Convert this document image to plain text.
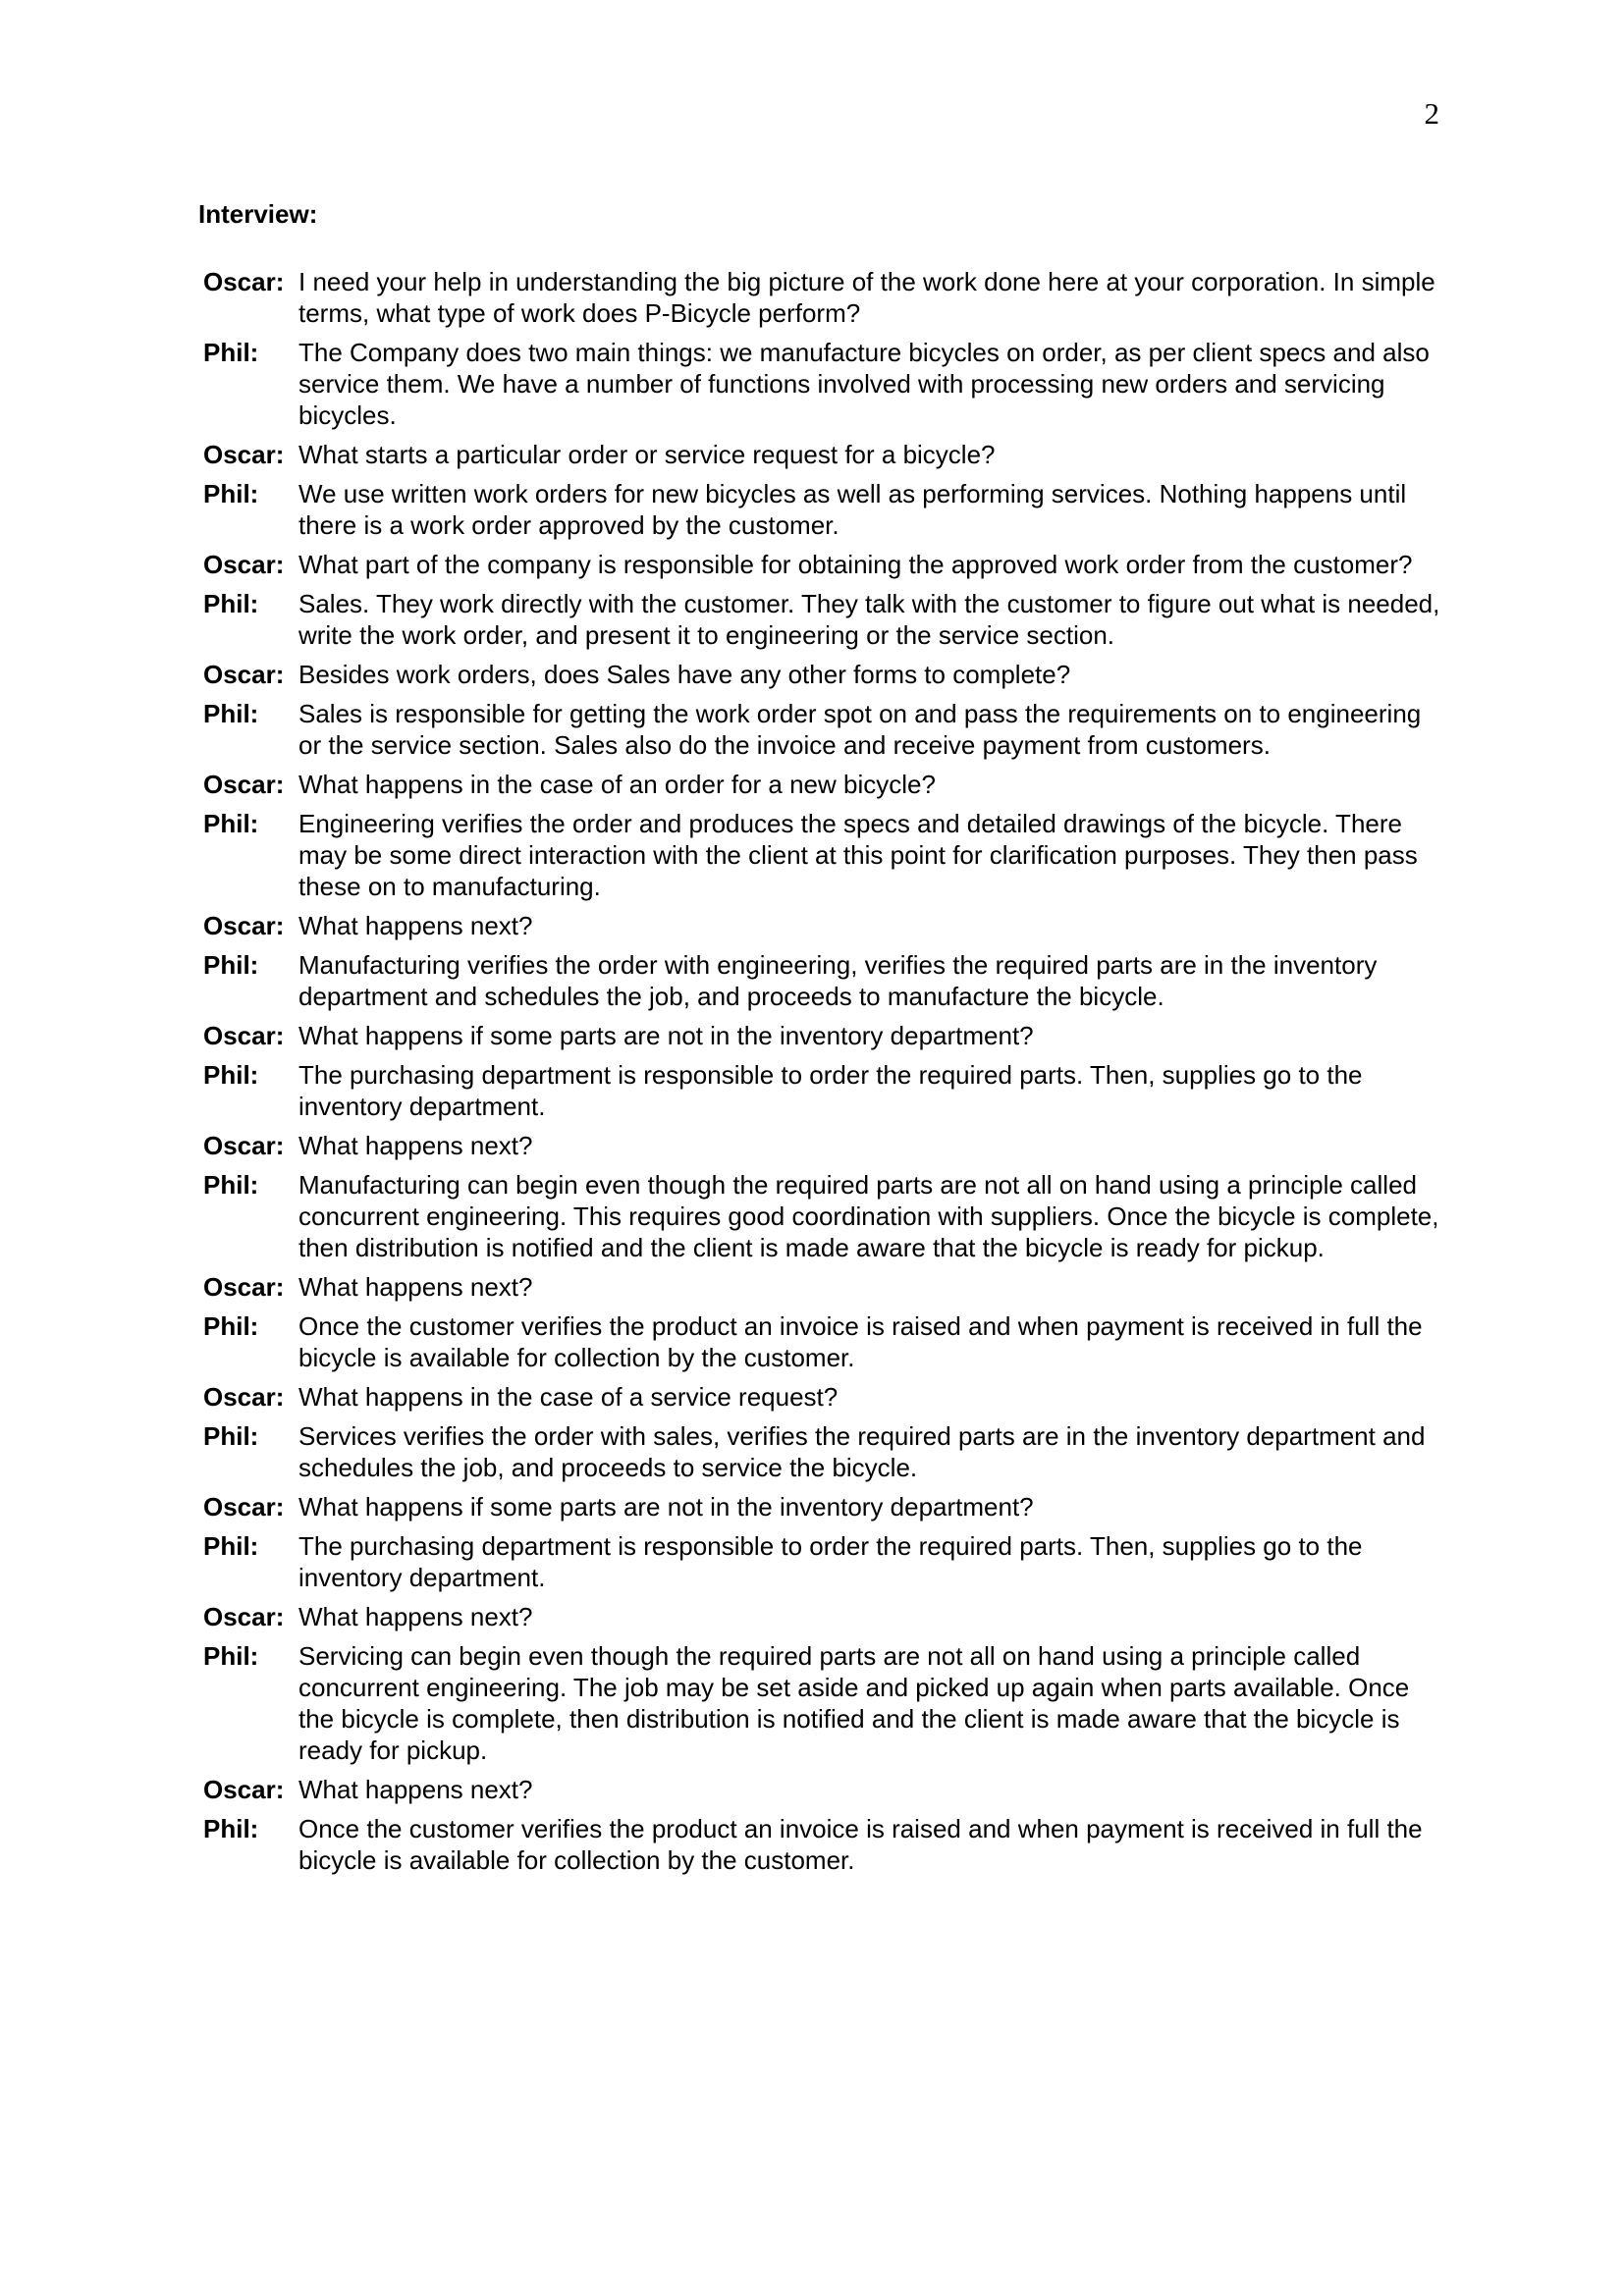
2
Interview:
Oscar: I need your help in understanding the big picture of the work done here at your corporation. In simple terms, what type of work does P-Bicycle perform?
Phil:	The Company does two main things: we manufacture bicycles on order, as per client specs and also service them. We have a number of functions involved with processing new orders and servicing bicycles.
Oscar: What starts a particular order or service request for a bicycle?
Phil:	We use written work orders for new bicycles as well as performing services. Nothing happens until there is a work order approved by the customer.
Oscar: What part of the company is responsible for obtaining the approved work order from the customer?
Phil:	Sales. They work directly with the customer. They talk with the customer to figure out what is needed, write the work order, and present it to engineering or the service section.
Oscar: Besides work orders, does Sales have any other forms to complete?
Phil:	Sales is responsible for getting the work order spot on and pass the requirements on to engineering or the service section. Sales also do the invoice and receive payment from customers.
Oscar: What happens in the case of an order for a new bicycle?
Phil:	Engineering verifies the order and produces the specs and detailed drawings of the bicycle. There may be some direct interaction with the client at this point for clarification purposes. They then pass these on to manufacturing.
Oscar: What happens next?
Phil:	Manufacturing verifies the order with engineering, verifies the required parts are in the inventory department and schedules the job, and proceeds to manufacture the bicycle.
Oscar: What happens if some parts are not in the inventory department?
Phil:	The purchasing department is responsible to order the required parts. Then, supplies go to the inventory department.
Oscar: What happens next?
Phil:	Manufacturing can begin even though the required parts are not all on hand using a principle called concurrent engineering. This requires good coordination with suppliers. Once the bicycle is complete, then distribution is notified and the client is made aware that the bicycle is ready for pickup.
Oscar: What happens next?
Phil:	Once the customer verifies the product an invoice is raised and when payment is received in full the bicycle is available for collection by the customer.
Oscar: What happens in the case of a service request?
Phil:	Services verifies the order with sales, verifies the required parts are in the inventory department and schedules the job, and proceeds to service the bicycle.
Oscar: What happens if some parts are not in the inventory department?
Phil:	The purchasing department is responsible to order the required parts. Then, supplies go to the inventory department.
Oscar: What happens next?
Phil:	Servicing can begin even though the required parts are not all on hand using a principle called concurrent engineering. The job may be set aside and picked up again when parts available. Once the bicycle is complete, then distribution is notified and the client is made aware that the bicycle is ready for pickup.
Oscar: What happens next?
Phil:	Once the customer verifies the product an invoice is raised and when payment is received in full the bicycle is available for collection by the customer.
